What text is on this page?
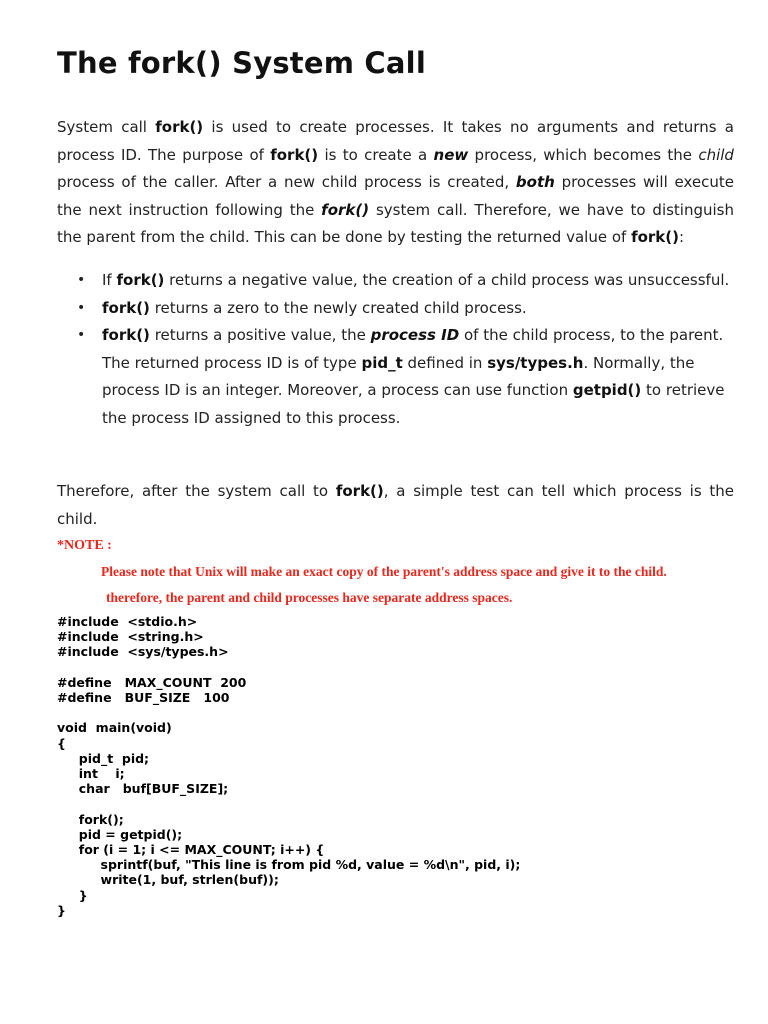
The fork() System Call

System call fork() is used to create processes. It takes no arguments and returns a process ID. The purpose of fork() is to create a new process, which becomes the child process of the caller. After a new child process is created, both processes will execute the next instruction following the fork() system call. Therefore, we have to distinguish the parent from the child. This can be done by testing the returned value of fork():

• If fork() returns a negative value, the creation of a child process was unsuccessful.
• fork() returns a zero to the newly created child process.
• fork() returns a positive value, the process ID of the child process, to the parent. The returned process ID is of type pid_t defined in sys/types.h. Normally, the process ID is an integer. Moreover, a process can use function getpid() to retrieve the process ID assigned to this process.

Therefore, after the system call to fork(), a simple test can tell which process is the child.

*NOTE :
Please note that Unix will make an exact copy of the parent's address space and give it to the child.
therefore, the parent and child processes have separate address spaces.
#include  <stdio.h>
#include  <string.h>
#include  <sys/types.h>

#define   MAX_COUNT  200
#define   BUF_SIZE   100

void  main(void)
{
pid_t  pid;
int    i;
char   buf[BUF_SIZE];

fork();
pid = getpid();
for (i = 1; i <= MAX_COUNT; i++) {
sprintf(buf, "This line is from pid %d, value = %d\n", pid, i);
write(1, buf, strlen(buf));
}
}
